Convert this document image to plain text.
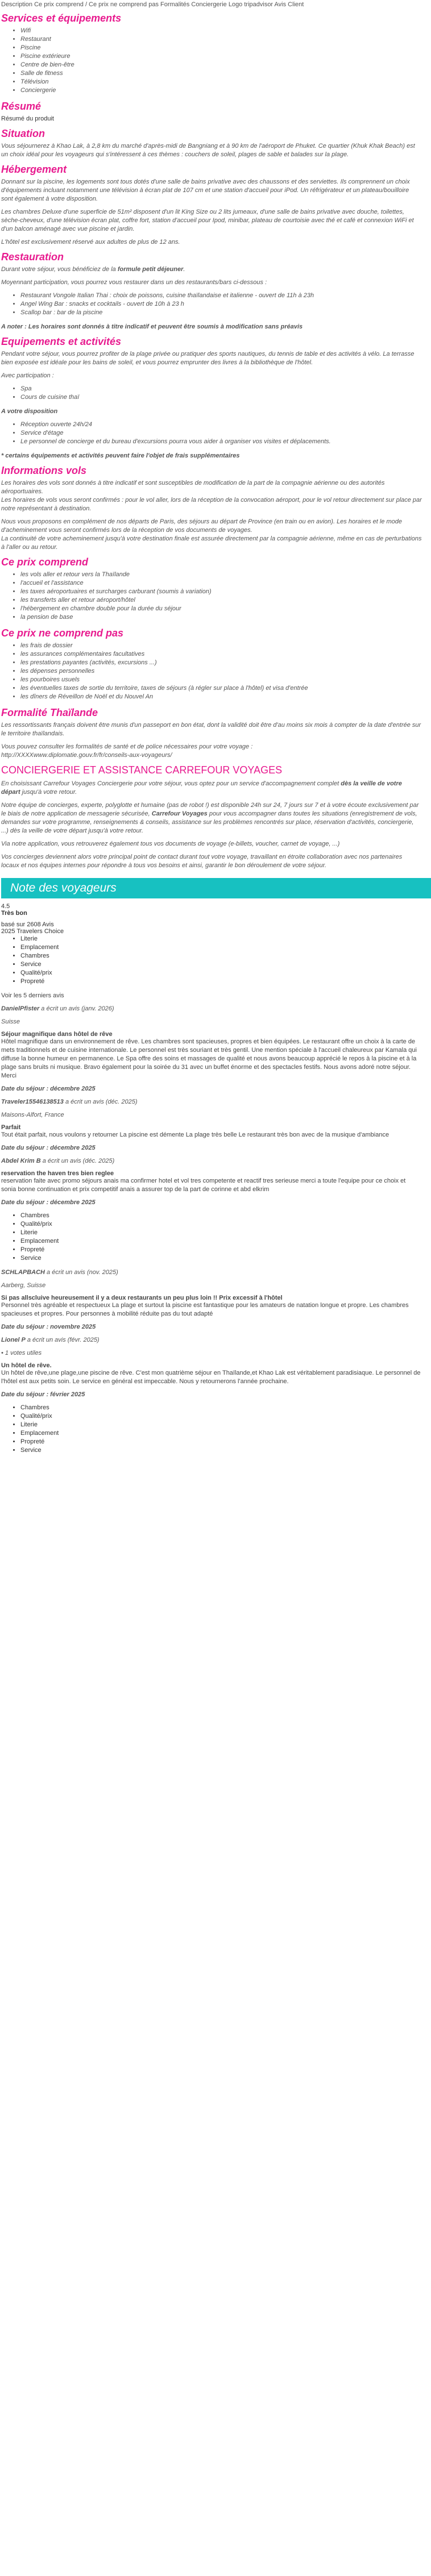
Description Ce prix comprend / Ce prix ne comprend pas Formalités Conciergerie Logo tripadvisor Avis Client
Services et équipements
• Wifi
• Restaurant
• Piscine
• Piscine extérieure
• Centre de bien-être
• Salle de fitness
• Télévision
• Conciergerie
Résumé

Résumé du produit

Situation

Vous séjournerez à Khao Lak, à 2,8 km du marché d'après-midi de Bangniang et à 90 km de l'aéroport de Phuket. Ce quartier (Khuk Khak Beach) est un choix idéal pour les voyageurs qui s'intéressent à ces thèmes : couchers de soleil, plages de sable et balades sur la plage.

Hébergement

Donnant sur la piscine, les logements sont tous dotés d'une salle de bains privative avec des chaussons et des serviettes. Ils comprennent un choix d'équipements incluant notamment une télévision à écran plat de 107 cm et une station d'accueil pour iPod. Un réfrigérateur et un plateau/bouilloire sont également à votre disposition.

Les chambres Deluxe d'une superficie de 51m² disposent d'un lit King Size ou 2 lits jumeaux, d'une salle de bains privative avec douche, toilettes, sèche-cheveux, d'une télévision écran plat, coffre fort, station d'accueil pour Ipod, minibar, plateau de courtoisie avec thé et café et connexion WiFi et d'un balcon aménagé avec vue piscine et jardin.

L'hôtel est exclusivement réservé aux adultes de plus de 12 ans.

Restauration

Durant votre séjour, vous bénéficiez de la formule petit déjeuner.

Moyennant participation, vous pourrez vous restaurer dans un des restaurants/bars ci-dessous :

• Restaurant Vongole Italian Thai : choix de poissons, cuisine thaïlandaise et italienne - ouvert de 11h à 23h
• Angel Wing Bar : snacks et cocktails - ouvert de 10h à 23 h
• Scallop bar : bar de la piscine

A noter : Les horaires sont donnés à titre indicatif et peuvent être soumis à modification sans préavis

Equipements et activités

Pendant votre séjour, vous pourrez profiter de la plage privée ou pratiquer des sports nautiques, du tennis de table et des activités à vélo. La terrasse bien exposée est idéale pour les bains de soleil, et vous pourrez emprunter des livres à la bibliothèque de l'hôtel.

Avec participation :

• Spa
• Cours de cuisine thaï

A votre disposition

• Réception ouverte 24h/24
• Service d'étage
• Le personnel de concierge et du bureau d'excursions pourra vous aider à organiser vos visites et déplacements.

* certains équipements et activités peuvent faire l'objet de frais supplémentaires

Informations vols

Les horaires des vols sont donnés à titre indicatif et sont susceptibles de modification de la part de la compagnie aérienne ou des autorités aéroportuaires.
Les horaires de vols vous seront confirmés : pour le vol aller, lors de la réception de la convocation aéroport, pour le vol retour directement sur place par notre représentant à destination.

Nous vous proposons en complément de nos départs de Paris, des séjours au départ de Province (en train ou en avion). Les horaires et le mode d'acheminement vous seront confirmés lors de la réception de vos documents de voyages.
La continuité de votre acheminement jusqu'à votre destination finale est assurée directement par la compagnie aérienne, même en cas de perturbations à l'aller ou au retour.

Ce prix comprend
• les vols aller et retour vers la Thaïlande
• l'accueil et l'assistance
• les taxes aéroportuaires et surcharges carburant (soumis à variation)
• les transferts aller et retour aéroport/hôtel
• l'hébergement en chambre double pour la durée du séjour
• la pension de base
Ce prix ne comprend pas
• les frais de dossier
• les assurances complémentaires facultatives
• les prestations payantes (activités, excursions ...)
• les dépenses personnelles
• les pourboires usuels
• les éventuelles taxes de sortie du territoire, taxes de séjours (à régler sur place à l'hôtel) et visa d'entrée
• les dîners de Réveillon de Noël et du Nouvel An
Formalité Thaïlande

Les ressortissants français doivent être munis d'un passeport en bon état, dont la validité doit être d'au moins six mois à compter de la date d'entrée sur le territoire thaïlandais.

Vous pouvez consulter les formalités de santé et de police nécessaires pour votre voyage :
http://XXXXwww.diplomatie.gouv.fr/fr/conseils-aux-voyageurs/

CONCIERGERIE ET ASSISTANCE CARREFOUR VOYAGES

En choisissant Carrefour Voyages Conciergerie pour votre séjour, vous optez pour un service d'accompagnement complet dès la veille de votre départ jusqu'à votre retour.

Notre équipe de concierges, experte, polyglotte et humaine (pas de robot !) est disponible 24h sur 24, 7 jours sur 7 et à votre écoute exclusivement par le biais de notre application de messagerie sécurisée, Carrefour Voyages pour vous accompagner dans toutes les situations (enregistrement de vols, demandes sur votre programme, renseignements & conseils, assistance sur les problèmes rencontrés sur place, réservation d'activités, conciergerie, ...) dès la veille de votre départ jusqu'à votre retour.

Via notre application, vous retrouverez également tous vos documents de voyage (e-billets, voucher, carnet de voyage, ...)

Vos concierges deviennent alors votre principal point de contact durant tout votre voyage, travaillant en étroite collaboration avec nos partenaires locaux et nos équipes internes pour répondre à tous vos besoins et ainsi, garantir le bon déroulement de votre séjour.

Note des voyageurs
4.5
Très bon
basé sur 2608 Avis
2025 Travelers Choice
• Literie
• Emplacement
• Chambres
• Service
• Qualité/prix
• Propreté

Voir les 5 derniers avis

DanielPfister a écrit un avis (janv. 2026)

Suisse

Séjour magnifique dans hôtel de rêve

Hôtel magnifique dans un environnement de rêve. Les chambres sont spacieuses, propres et bien équipées. Le restaurant offre un choix à la carte de mets traditionnels et de cuisine internationale. Le personnel est très souriant et très gentil. Une mention spéciale à l'accueil chaleureux par Kamala qui diffuse la bonne humeur en permanence. Le Spa offre des soins et massages de qualité et nous avons beaucoup apprécié le repos à la piscine et à la plage sans bruits ni musique. Bravo également pour la soirée du 31 avec un buffet énorme et des spectacles festifs. Nous avons adoré notre séjour. Merci

Date du séjour : décembre 2025

Traveler15546138513 a écrit un avis (déc. 2025)

Maisons-Alfort, France

Parfait

Tout était parfait, nous voulons y retourner La piscine est démente La plage très belle Le restaurant très bon avec de la musique d'ambiance

Date du séjour : décembre 2025

Abdel Krim B a écrit un avis (déc. 2025)

reservation the haven tres bien reglee

reservation faite avec promo séjours anais ma confirmer hotel et vol tres competente et reactif tres serieuse merci a toute l'equipe pour ce choix et sonia bonne continuation et prix competitif anais a assurer top de la part de corinne et abd elkrim

Date du séjour : décembre 2025

• Chambres
• Qualité/prix
• Literie
• Emplacement
• Propreté
• Service

SCHLAPBACH a écrit un avis (nov. 2025)

Aarberg, Suisse

Si pas allscluive heureusement il y a deux restaurants un peu plus loin !! Prix excessif à l'hôtel

Personnel très agréable et respectueux La plage et surtout la piscine est fantastique pour les amateurs de natation longue et propre. Les chambres spacieuses et propres. Pour personnes à mobilité réduite pas du tout adapté

Date du séjour : novembre 2025

Lionel P a écrit un avis (févr. 2025)

• 1 votes utiles

Un hôtel de rêve.

Un hôtel de rêve,une plage,une piscine de rêve. C'est mon quatrième séjour en Thaïlande,et Khao Lak est véritablement paradisiaque. Le personnel de l'hôtel est aux petits soin. Le service en général est impeccable. Nous y retournerons l'année prochaine.

Date du séjour : février 2025

• Chambres
• Qualité/prix
• Literie
• Emplacement
• Propreté
• Service
